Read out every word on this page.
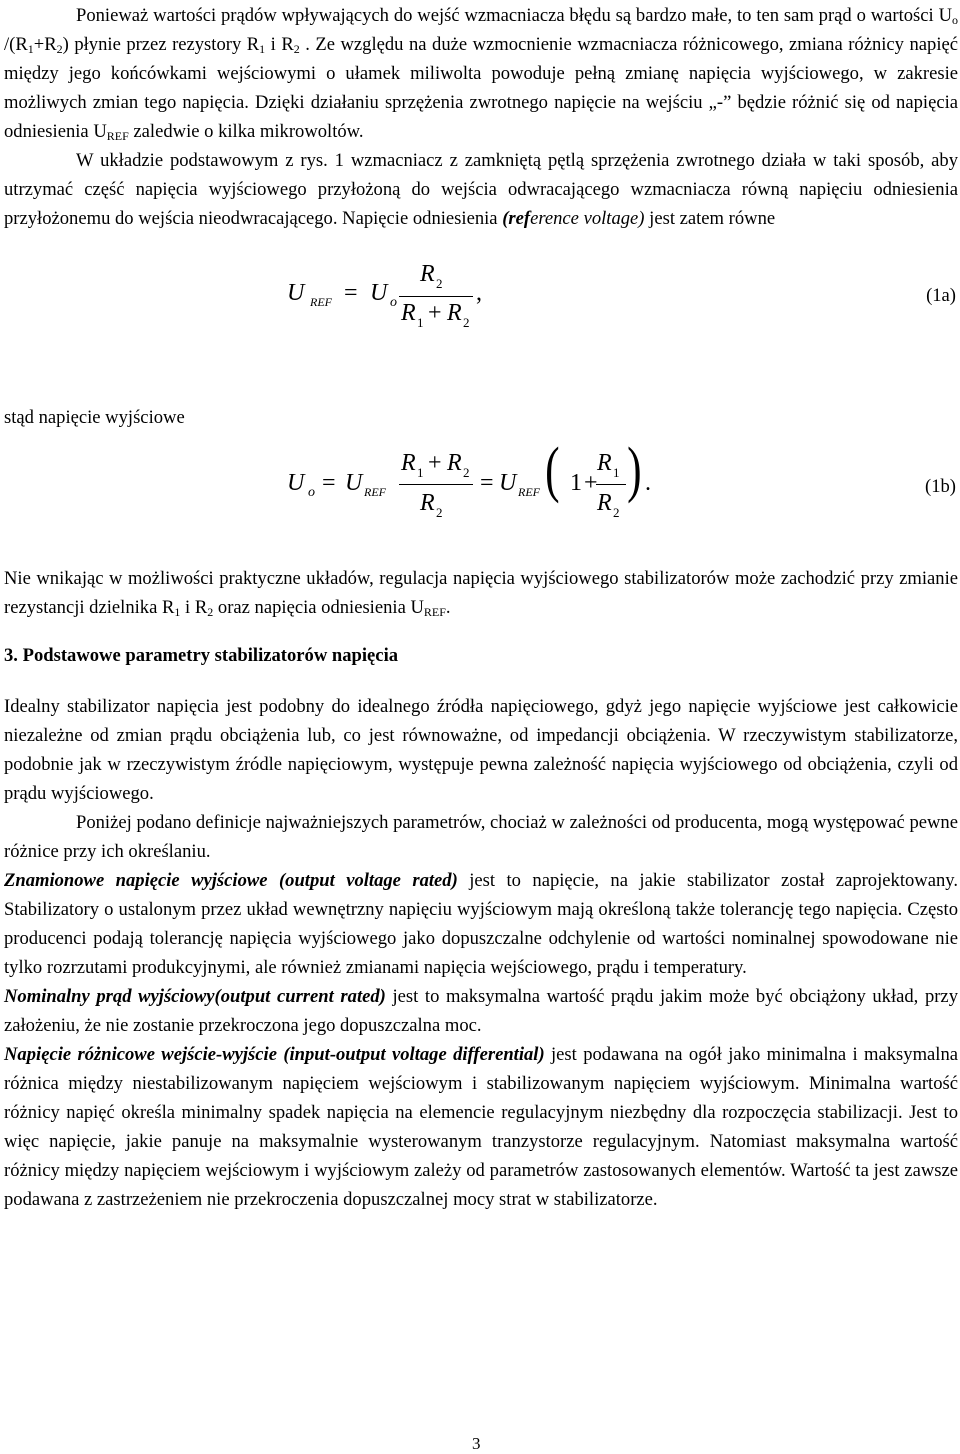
Ponieważ wartości prądów wpływających do wejść wzmacniacza błędu są bardzo małe, to ten sam prąd o wartości $U_o$ $/(R_1+R_2)$ płynie przez rezystory $R_1$ i $R_2$ . Ze względu na duże wzmocnienie wzmacniacza różnicowego, zmiana różnicy napięć między jego końcówkami wejściowymi o ułamek miliwolta powoduje pełną zmianę napięcia wyjściowego, w zakresie możliwych zmian tego napięcia. Dzięki działaniu sprzężenia zwrotnego napięcie na wejściu „-” będzie różnić się od napięcia odniesienia $U_{REF}$ zaledwie o kilka mikrowoltów.

W układzie podstawowym z rys. 1 wzmacniacz z zamkniętą pętlą sprzężenia zwrotnego działa w taki sposób, aby utrzymać część napięcia wyjściowego przyłożoną do wejścia odwracającego wzmacniacza równą napięciu odniesienia przyłożonemu do wejścia nieodwracającego. Napięcie odniesienia (reference voltage) jest zatem równe

U REF = U o
R 2
R 1 + R 2
,	(1a)

stąd napięcie wyjściowe

U o = U REF
R 1 + R 2
R 2
= U REF ( 1 +
R 1
R 2
) .	(1b)

Nie wnikając w możliwości praktyczne układów, regulacja napięcia wyjściowego stabilizatorów może zachodzić przy zmianie rezystancji dzielnika $R_1$ i $R_2$ oraz napięcia odniesienia $U_{REF}$.

3. Podstawowe parametry stabilizatorów napięcia

Idealny stabilizator napięcia jest podobny do idealnego źródła napięciowego, gdyż jego napięcie wyjściowe jest całkowicie niezależne od zmian prądu obciążenia lub, co jest równoważne, od impedancji obciążenia. W rzeczywistym stabilizatorze, podobnie jak w rzeczywistym źródle napięciowym, występuje pewna zależność napięcia wyjściowego od obciążenia, czyli od prądu wyjściowego.

Poniżej podano definicje najważniejszych parametrów, chociaż w zależności od producenta, mogą występować pewne różnice przy ich określaniu.

Znamionowe napięcie wyjściowe (output voltage rated) jest to napięcie, na jakie stabilizator został zaprojektowany. Stabilizatory o ustalonym przez układ wewnętrzny napięciu wyjściowym mają określoną także tolerancję tego napięcia. Często producenci podają tolerancję napięcia wyjściowego jako dopuszczalne odchylenie od wartości nominalnej spowodowane nie tylko rozrzutami produkcyjnymi, ale również zmianami napięcia wejściowego, prądu i temperatury.

Nominalny prąd wyjściowy(output current rated) jest to maksymalna wartość prądu jakim może być obciążony układ, przy założeniu, że nie zostanie przekroczona jego dopuszczalna moc.

Napięcie różnicowe wejście-wyjście (input-output voltage differential) jest podawana na ogół jako minimalna i maksymalna różnica między niestabilizowanym napięciem wejściowym i stabilizowanym napięciem wyjściowym. Minimalna wartość różnicy napięć określa minimalny spadek napięcia na elemencie regulacyjnym niezbędny dla rozpoczęcia stabilizacji. Jest to więc napięcie, jakie panuje na maksymalnie wysterowanym tranzystorze regulacyjnym. Natomiast maksymalna wartość różnicy między napięciem wejściowym i wyjściowym zależy od parametrów zastosowanych elementów. Wartość ta jest zawsze podawana z zastrzeżeniem nie przekroczenia dopuszczalnej mocy strat w stabilizatorze.

3
